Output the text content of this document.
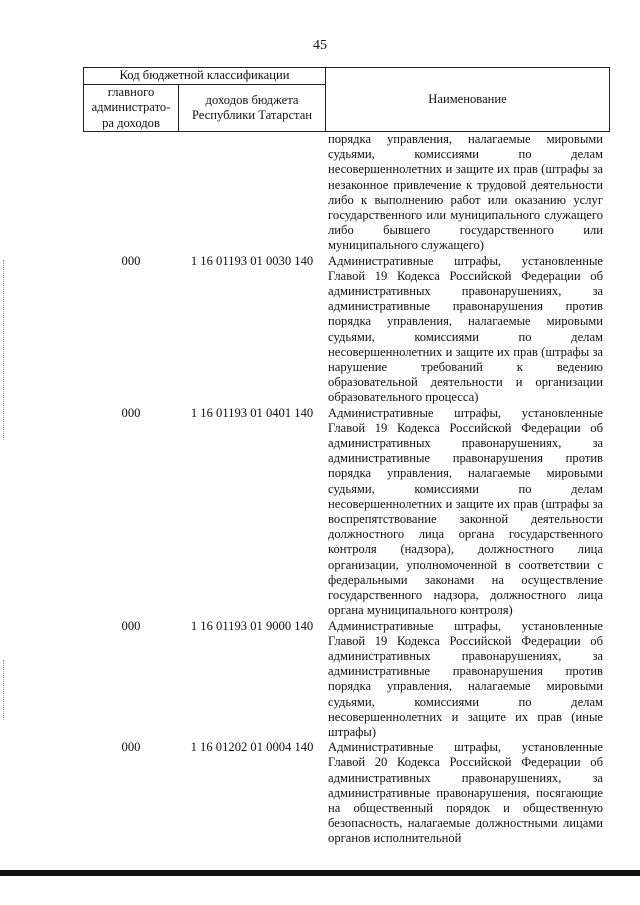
45
Код бюджетной классификации		Наименование
главного администрато-ра доходов	доходов бюджета Республики Татарстан	
		порядка управления, налагаемые мировыми судьями, комиссиями по делам несовершеннолетних и защите их прав (штрафы за незаконное привлечение к трудовой деятельности либо к выполнению работ или оказанию услуг государственного или муниципального служащего либо бывшего государственного или муниципального служащего)
000	1 16 01193 01 0030 140	Административные штрафы, установленные Главой 19 Кодекса Российской Федерации об административных правонарушениях, за административные правонарушения против порядка управления, налагаемые мировыми судьями, комиссиями по делам несовершеннолетних и защите их прав (штрафы за нарушение требований к ведению образовательной деятельности и организации образовательного процесса)
000	1 16 01193 01 0401 140	Административные штрафы, установленные Главой 19 Кодекса Российской Федерации об административных правонарушениях, за административные правонарушения против порядка управления, налагаемые мировыми судьями, комиссиями по делам несовершеннолетних и защите их прав (штрафы за воспрепятствование законной деятельности должностного лица органа государственного контроля (надзора), должностного лица организации, уполномоченной в соответствии с федеральными законами на осуществление государственного надзора, должностного лица органа муниципального контроля)
000	1 16 01193 01 9000 140	Административные штрафы, установленные Главой 19 Кодекса Российской Федерации об административных правонарушениях, за административные правонарушения против порядка управления, налагаемые мировыми судьями, комиссиями по делам несовершеннолетних и защите их прав (иные штрафы)
000	1 16 01202 01 0004 140	Административные штрафы, установленные Главой 20 Кодекса Российской Федерации об административных правонарушениях, за административные правонарушения, посягающие на общественный порядок и общественную безопасность, налагаемые должностными лицами органов исполнительной
